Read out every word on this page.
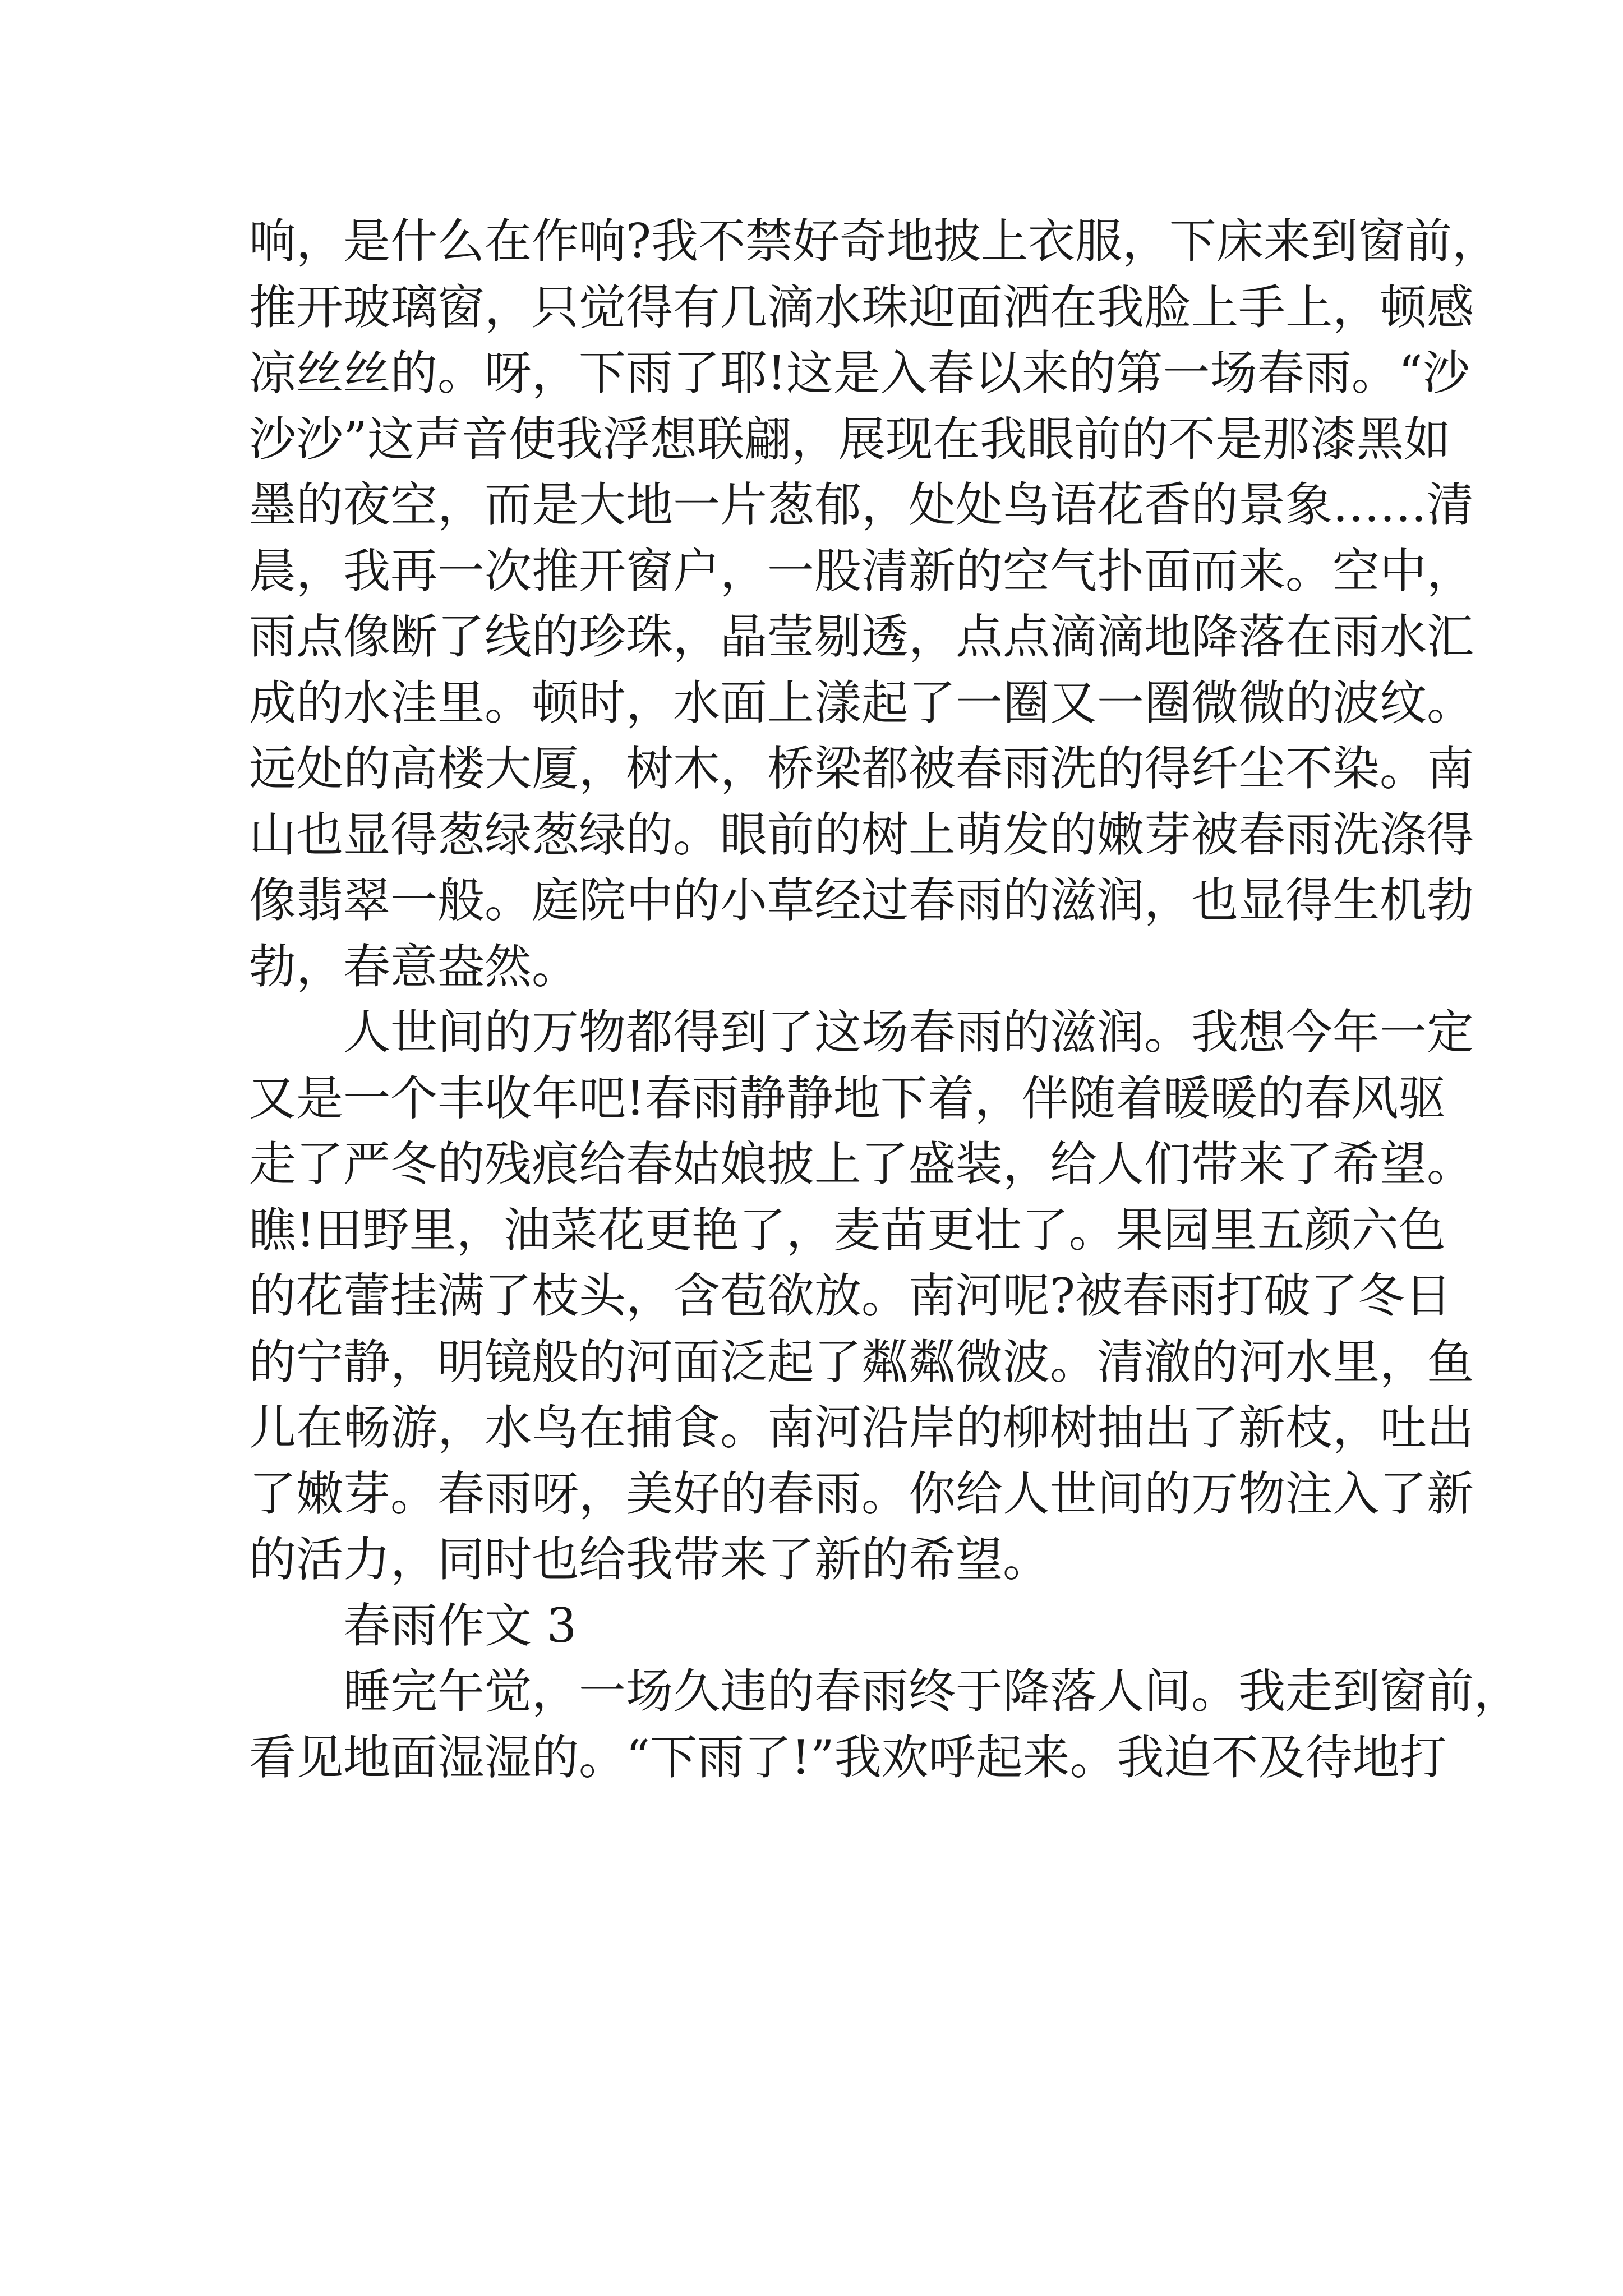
响，是什么在作响?我不禁好奇地披上衣服，下床来到窗前，
推开玻璃窗，只觉得有几滴水珠迎面洒在我脸上手上，顿感
凉丝丝的。呀，下雨了耶!这是入春以来的第一场春雨。“沙
沙沙”这声音使我浮想联翩，展现在我眼前的不是那漆黑如
墨的夜空，而是大地一片葱郁，处处鸟语花香的景象……清
晨，我再一次推开窗户，一股清新的空气扑面而来。空中，
雨点像断了线的珍珠，晶莹剔透，点点滴滴地降落在雨水汇
成的水洼里。顿时，水面上漾起了一圈又一圈微微的波纹。
远处的高楼大厦，树木，桥梁都被春雨洗的得纤尘不染。南
山也显得葱绿葱绿的。眼前的树上萌发的嫩芽被春雨洗涤得
像翡翠一般。庭院中的小草经过春雨的滋润，也显得生机勃
勃，春意盎然。
人世间的万物都得到了这场春雨的滋润。我想今年一定
又是一个丰收年吧!春雨静静地下着，伴随着暖暖的春风驱
走了严冬的残痕给春姑娘披上了盛装，给人们带来了希望。
瞧!田野里，油菜花更艳了，麦苗更壮了。果园里五颜六色
的花蕾挂满了枝头，含苞欲放。南河呢?被春雨打破了冬日
的宁静，明镜般的河面泛起了粼粼微波。清澈的河水里，鱼
儿在畅游，水鸟在捕食。南河沿岸的柳树抽出了新枝，吐出
了嫩芽。春雨呀，美好的春雨。你给人世间的万物注入了新
的活力，同时也给我带来了新的希望。
春雨作文 3
睡完午觉，一场久违的春雨终于降落人间。我走到窗前，
看见地面湿湿的。“下雨了!”我欢呼起来。我迫不及待地打
